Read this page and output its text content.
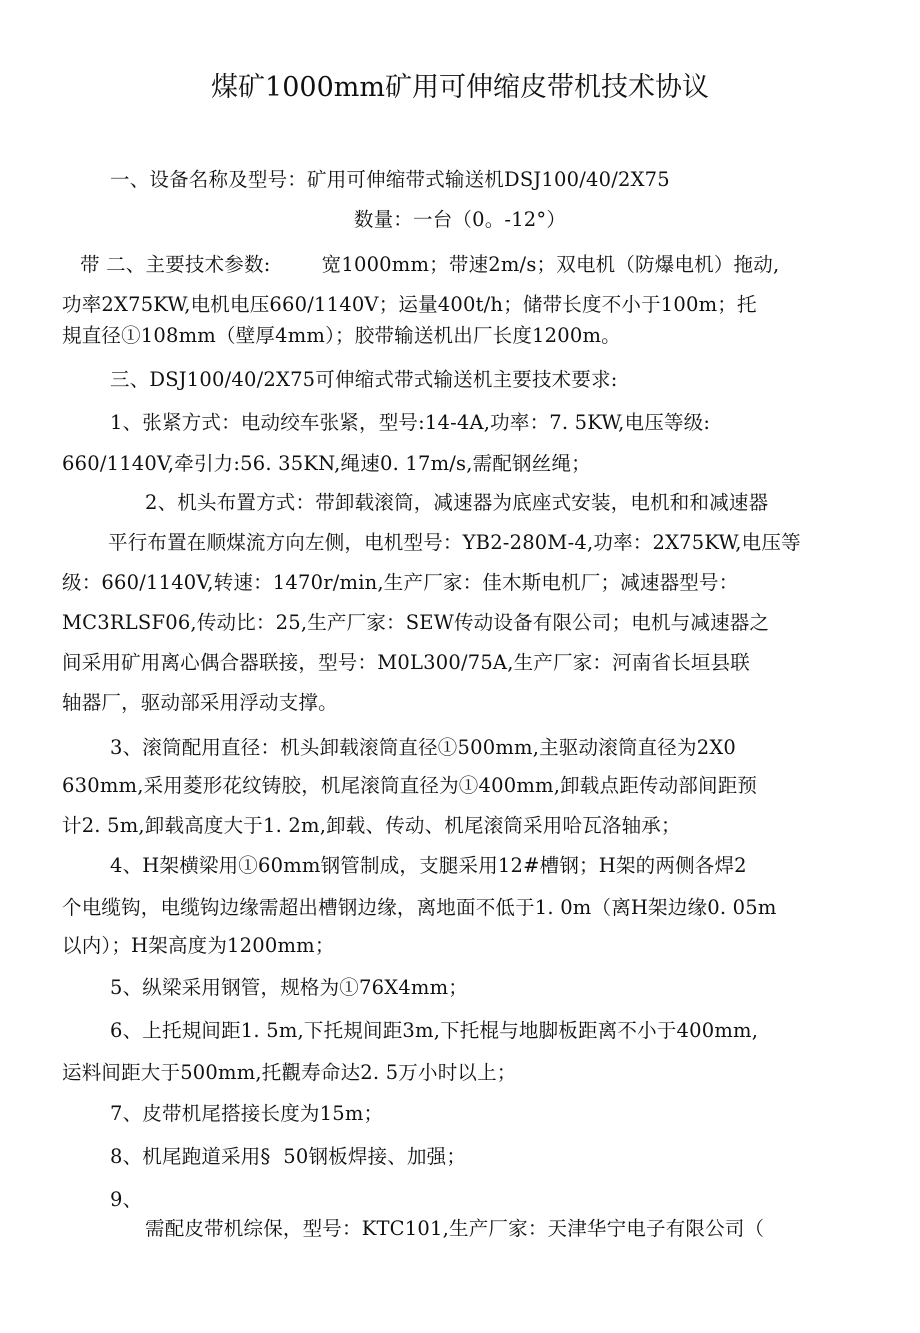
煤矿1000mm矿用可伸缩皮带机技术协议
一、设备名称及型号：矿用可伸缩带式输送机DSJ100/40/2X75
数量：一台（0。-12°）
带 二、主要技术参数:        宽1000mm；带速2m/s；双电机（防爆电机）拖动,
功率2X75KW,电机电压660/1140V；运量400t/h；储带长度不小于100m；托
規直径①108mm（壁厚4mm）；胶带输送机出厂长度1200m。
三、DSJ100/40/2X75可伸缩式带式输送机主要技术要求:
1、张紧方式：电动绞车张紧，型号:14-4A,功率：7. 5KW,电压等级:
660/1140V,牵引力:56. 35KN,绳速0. 17m/s,需配钢丝绳；
2、机头布置方式：带卸载滚筒，减速器为底座式安装，电机和和减速器
平行布置在顺煤流方向左侧，电机型号：YB2-280M-4,功率：2X75KW,电压等
级：660/1140V,转速：1470r/min,生产厂家：佳木斯电机厂；减速器型号：
MC3RLSF06,传动比：25,生产厂家：SEW传动设备有限公司；电机与减速器之
间采用矿用离心偶合器联接，型号：M0L300/75A,生产厂家：河南省长垣县联
轴器厂，驱动部采用浮动支撑。
3、滚筒配用直径：机头卸载滚筒直径①500mm,主驱动滚筒直径为2X0
630mm,采用菱形花纹铸胶，机尾滚筒直径为①400mm,卸载点距传动部间距预
计2. 5m,卸载高度大于1. 2m,卸载、传动、机尾滚筒采用哈瓦洛轴承；
4、H架横梁用①60mm钢管制成，支腿采用12#槽钢；H架的两侧各焊2
个电缆钩，电缆钩边缘需超出槽钢边缘，离地面不低于1. 0m（离H架边缘0. 05m
以内）；H架高度为1200mm；
5、纵梁采用钢管，规格为①76X4mm；
6、上托規间距1. 5m,下托規间距3m,下托棍与地脚板距离不小于400mm,
运料间距大于500mm,托觀寿命达2. 5万小时以上；
7、皮带机尾搭接长度为15m；
8、机尾跑道采用§  50钢板焊接、加强；
9、
需配皮带机综保，型号：KTC101,生产厂家：天津华宁电子有限公司（
